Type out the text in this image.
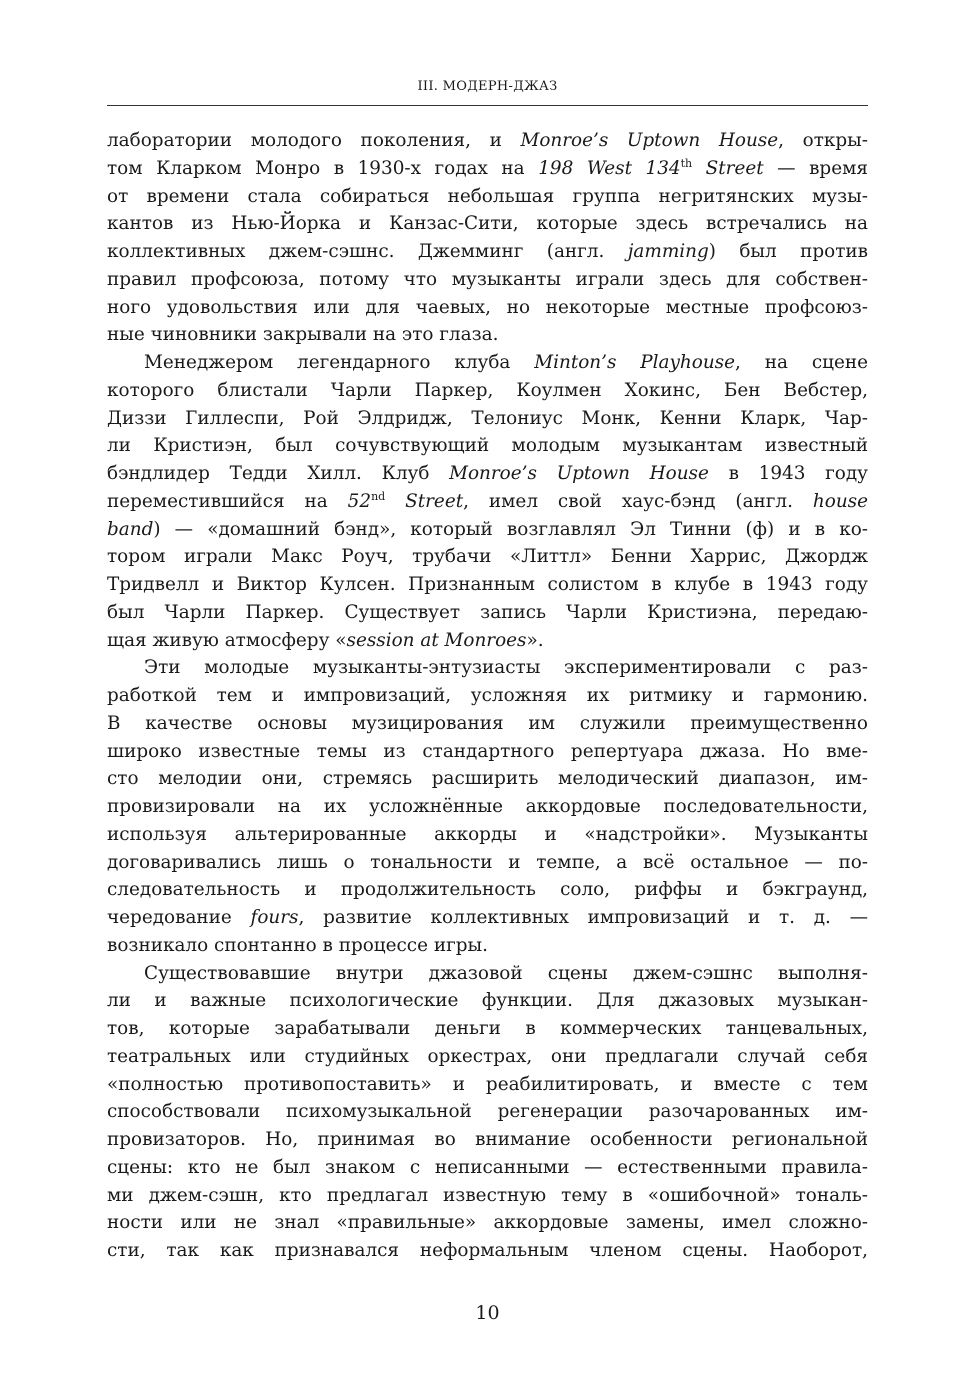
III. МОДЕРН-ДЖАЗ
лаборатории молодого поколения, и Monroe’s Uptown House, откры-
том Кларком Монро в 1930-х годах на 198 West 134th Street — время
от времени стала собираться небольшая группа негритянских музы-
кантов из Нью-Йорка и Канзас-Сити, которые здесь встречались на
коллективных джем-сэшнс. Джемминг (англ. jamming) был против
правил профсоюза, потому что музыканты играли здесь для собствен-
ного удовольствия или для чаевых, но некоторые местные профсоюз-
ные чиновники закрывали на это глаза.
Менеджером легендарного клуба Minton’s Playhouse, на сцене
которого блистали Чарли Паркер, Коулмен Хокинс, Бен Вебстер,
Диззи Гиллеспи, Рой Элдридж, Телониус Монк, Кенни Кларк, Чар-
ли Кристиэн, был сочувствующий молодым музыкантам известный
бэндлидер Тедди Хилл. Клуб Monroe’s Uptown House в 1943 году
переместившийся на 52nd Street, имел свой хаус-бэнд (англ. house
band) — «домашний бэнд», который возглавлял Эл Тинни (ф) и в ко-
тором играли Макс Роуч, трубачи «Литтл» Бенни Харрис, Джордж
Тридвелл и Виктор Кулсен. Признанным солистом в клубе в 1943 году
был Чарли Паркер. Существует запись Чарли Кристиэна, передаю-
щая живую атмосферу «session at Monroes».
Эти молодые музыканты-энтузиасты экспериментировали с раз-
работкой тем и импровизаций, усложняя их ритмику и гармонию.
В качестве основы музицирования им служили преимущественно
широко известные темы из стандартного репертуара джаза. Но вме-
сто мелодии они, стремясь расширить мелодический диапазон, им-
провизировали на их усложнённые аккордовые последовательности,
используя альтерированные аккорды и «надстройки». Музыканты
договаривались лишь о тональности и темпе, а всё остальное — по-
следовательность и продолжительность соло, риффы и бэкграунд,
чередование fours, развитие коллективных импровизаций и т. д. —
возникало спонтанно в процессе игры.
Существовавшие внутри джазовой сцены джем-сэшнс выполня-
ли и важные психологические функции. Для джазовых музыкан-
тов, которые зарабатывали деньги в коммерческих танцевальных,
театральных или студийных оркестрах, они предлагали случай себя
«полностью противопоставить» и реабилитировать, и вместе с тем
способствовали психомузыкальной регенерации разочарованных им-
провизаторов. Но, принимая во внимание особенности региональной
сцены: кто не был знаком с неписанными — естественными правила-
ми джем-сэшн, кто предлагал известную тему в «ошибочной» тональ-
ности или не знал «правильные» аккордовые замены, имел сложно-
сти, так как признавался неформальным членом сцены. Наоборот,
10
